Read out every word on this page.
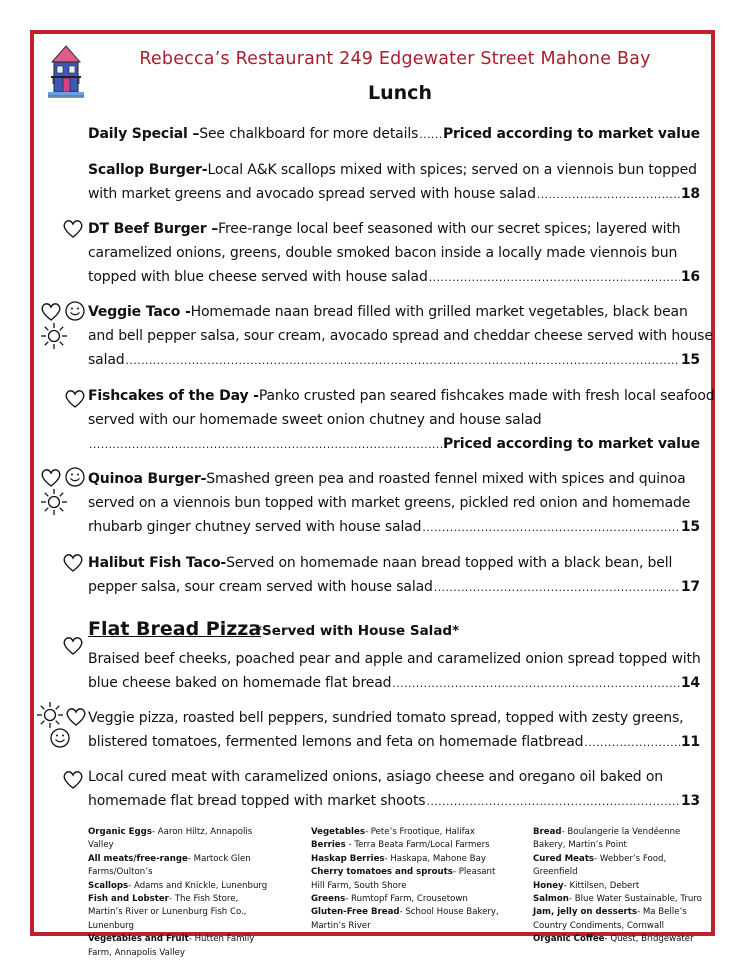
Rebecca’s Restaurant 249 Edgewater Street Mahone Bay
Lunch
Daily Special – See chalkboard for more details ..... Priced according to market value
Scallop Burger- Local A&K scallops mixed with spices; served on a viennois bun topped
with market greens and avocado spread served with house salad .....	18
DT Beef Burger – Free-range local beef seasoned with our secret spices; layered with
caramelized onions, greens, double smoked bacon inside a locally made viennois bun
topped with blue cheese served with house salad .....	16
Veggie Taco - Homemade naan bread filled with grilled market vegetables, black bean
and bell pepper salsa, sour cream, avocado spread and cheddar cheese served with house
salad .....	15
Fishcakes of the Day - Panko crusted pan seared fishcakes made with fresh local seafood
served with our homemade sweet onion chutney and house salad
.....
Priced according to market value
Quinoa Burger- Smashed green pea and roasted fennel mixed with spices and quinoa
served on a viennois bun topped with market greens, pickled red onion and homemade
rhubarb ginger chutney served with house salad .....	15
Halibut Fish Taco- Served on homemade naan bread topped with a black bean, bell
pepper salsa, sour cream served with house salad .....	17
Flat Bread Pizza
*Served with House Salad*
Braised beef cheeks, poached pear and apple and caramelized onion spread topped with
blue cheese baked on homemade flat bread .....	14
Veggie pizza, roasted bell peppers, sundried tomato spread, topped with zesty greens,
blistered tomatoes, fermented lemons and feta on homemade flatbread .....	11
Local cured meat with caramelized onions, asiago cheese and oregano oil baked on
homemade flat bread topped with market shoots .....	13
Organic Eggs- Aaron Hiltz, Annapolis Valley
All meats/free-range- Martock Glen Farms/Oulton’s
Scallops- Adams and Knickle, Lunenburg
Fish and Lobster- The Fish Store, Martin’s River or Lunenburg Fish Co., Lunenburg
Vegetables and Fruit- Hutten Family Farm, Annapolis Valley
Vegetables- Pete’s Frootique, Halifax
Berries - Terra Beata Farm/Local Farmers
Haskap Berries- Haskapa, Mahone Bay
Cherry tomatoes and sprouts- Pleasant Hill Farm, South Shore
Greens- Rumtopf Farm, Crousetown
Gluten-Free Bread- School House Bakery, Martin’s River
Bread- Boulangerie la Vendéenne Bakery, Martin’s Point
Cured Meats- Webber’s Food, Greenfield
Honey- Kittilsen, Debert
Salmon- Blue Water Sustainable, Truro
Jam, jelly on desserts- Ma Belle’s Country Condiments, Cornwall
Organic Coffee- Quest, Bridgewater
